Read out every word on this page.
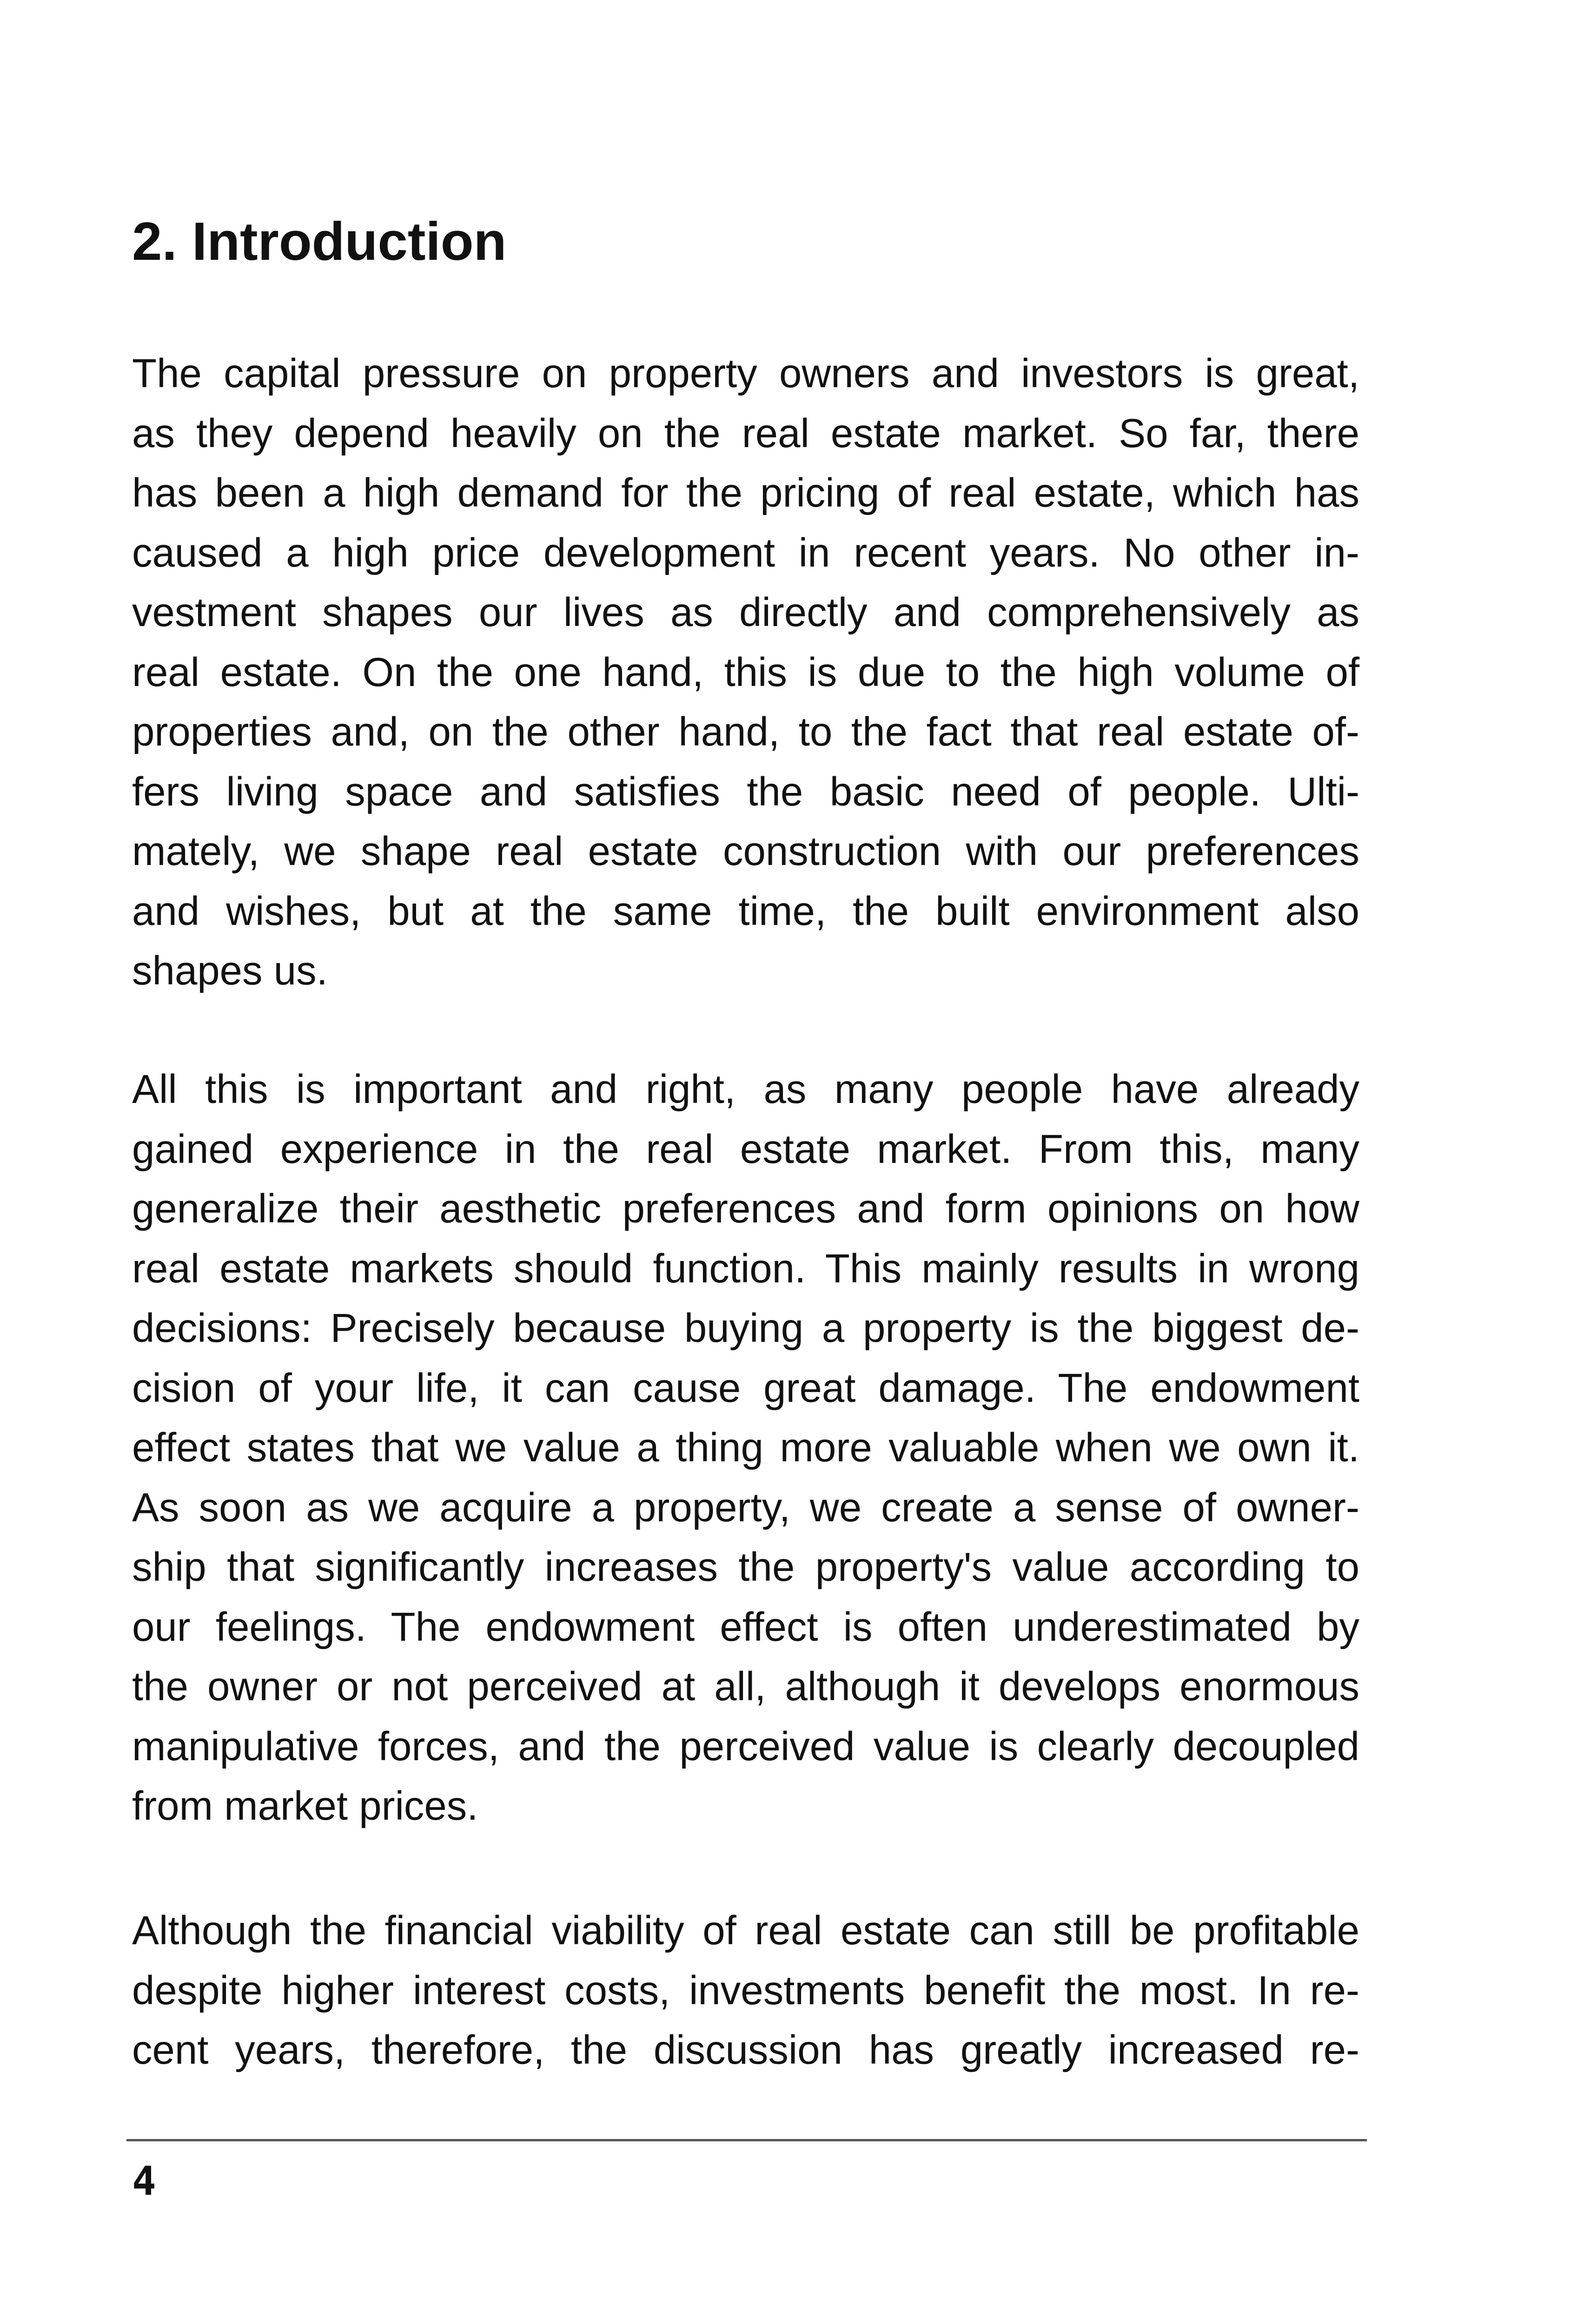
2. Introduction
The capital pressure on property owners and investors is great,
as they depend heavily on the real estate market. So far, there
has been a high demand for the pricing of real estate, which has
caused a high price development in recent years. No other in-
vestment shapes our lives as directly and comprehensively as
real estate. On the one hand, this is due to the high volume of
properties and, on the other hand, to the fact that real estate of-
fers living space and satisfies the basic need of people. Ulti-
mately, we shape real estate construction with our preferences
and wishes, but at the same time, the built environment also
shapes us.
All this is important and right, as many people have already
gained experience in the real estate market. From this, many
generalize their aesthetic preferences and form opinions on how
real estate markets should function. This mainly results in wrong
decisions: Precisely because buying a property is the biggest de-
cision of your life, it can cause great damage. The endowment
effect states that we value a thing more valuable when we own it.
As soon as we acquire a property, we create a sense of owner-
ship that significantly increases the property's value according to
our feelings. The endowment effect is often underestimated by
the owner or not perceived at all, although it develops enormous
manipulative forces, and the perceived value is clearly decoupled
from market prices.
Although the financial viability of real estate can still be profitable
despite higher interest costs, investments benefit the most. In re-
cent years, therefore, the discussion has greatly increased re-
4
